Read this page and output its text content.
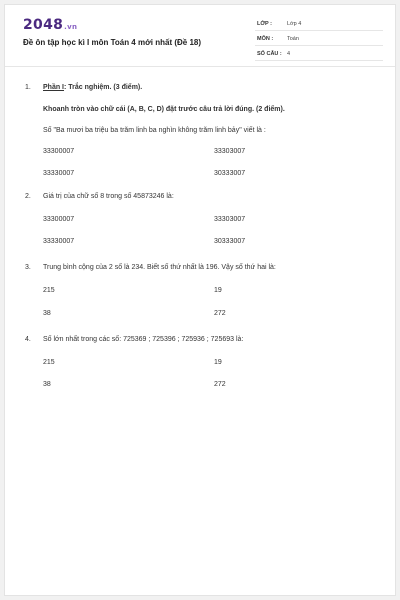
2048.vn
Đề ôn tập học kì I môn Toán 4 mới nhất (Đề 18)
LỚP :	Lớp 4
MÔN :	Toán
SỐ CÂU : 4
1. Phần I: Trắc nghiệm. (3 điểm).
Khoanh tròn vào chữ cái (A, B, C, D) đặt trước câu trả lời đúng. (2 điểm).
Số "Ba mươi ba triệu ba trăm linh ba nghìn không trăm linh bảy" viết là :
33300007	33303007
33330007	30333007
2. Giá trị của chữ số 8 trong số 45873246 là:
33300007	33303007
33330007	30333007
3. Trung bình cộng của 2 số là 234. Biết số thứ nhất là 196. Vậy số thứ hai là:
215	19
38	272
4. Số lớn nhất trong các số: 725369 ; 725396 ; 725936 ; 725693 là:
215	19
38	272
